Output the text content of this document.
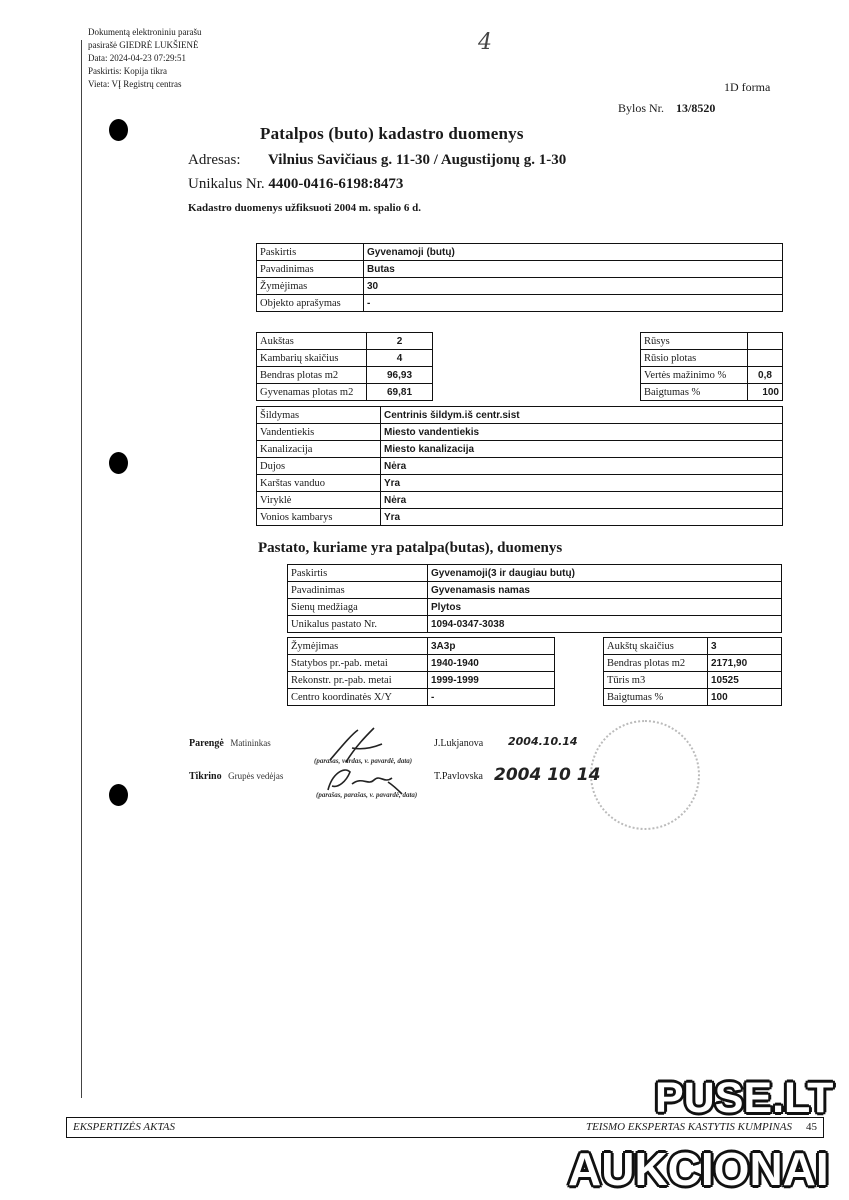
Dokumentą elektroniniu parašu
pasirašė GIEDRĖ LUKŠIENĖ
Data: 2024-04-23 07:29:51
Paskirtis: Kopija tikra
Vieta: VĮ Registrų centras
4
1D forma
Bylos Nr. 13/8520
Patalpos (buto) kadastro duomenys
Adresas: Vilnius Savičiaus g. 11-30 / Augustijonų g. 1-30
Unikalus Nr. 4400-0416-6198:8473
Kadastro duomenys užfiksuoti 2004 m. spalio 6 d.
Paskirtis	Gyvenamoji (butų)
Pavadinimas	Butas
Žymėjimas	30
Objekto aprašymas	-
Aukštas	2
Kambarių skaičius	4
Bendras plotas m2	96,93
Gyvenamas plotas m2	69,81
Rūsys	
Rūsio plotas	
Vertės mažinimo %	0,8
Baigtumas %	100
Šildymas	Centrinis šildym.iš centr.sist
Vandentiekis	Miesto vandentiekis
Kanalizacija	Miesto kanalizacija
Dujos	Nėra
Karštas vanduo	Yra
Viryklė	Nėra
Vonios kambarys	Yra
Pastato, kuriame yra patalpa(butas), duomenys
Paskirtis	Gyvenamoji(3 ir daugiau butų)
Pavadinimas	Gyvenamasis namas
Sienų medžiaga	Plytos
Unikalus pastato Nr.	1094-0347-3038
Žymėjimas	3A3p
Statybos pr.-pab. metai	1940-1940
Rekonstr. pr.-pab. metai	1999-1999
Centro koordinatės X/Y	-
Aukštų skaičius	3
Bendras plotas m2	2171,90
Tūris m3	10525
Baigtumas %	100
Parengė Matininkas
(parašas, vardas, v. pavardė, data)
J.Lukjanova 2004.10.14
Tikrino Grupės vedėjas
(parašas, parašas, v. pavardė, data)
T.Pavlovska 2004 10 14
EKSPERTIZĖS AKTAS	TEISMO EKSPERTAS KASTYTIS KUMPINAS 45
PUSE.LT
AUKCIONAI
